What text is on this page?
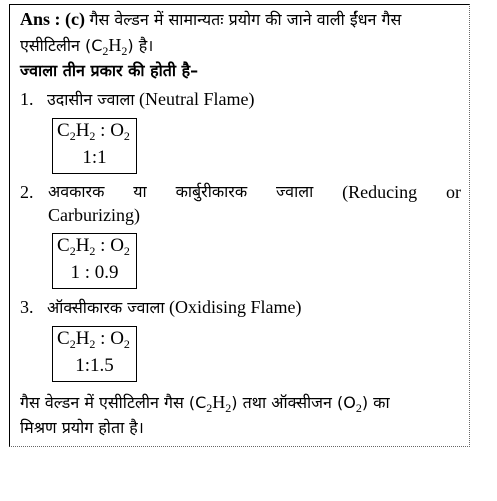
Ans : (c) गैस वेल्डन में सामान्यतः प्रयोग की जाने वाली ईंधन गैस
एसीटिलीन $(C_2H_2)$ है।
ज्वाला तीन प्रकार की होती है–
1. उदासीन ज्वाला (Neutral Flame)
$C_2H_2$ : $O_2$
1:1
2. अवकारक या कार्बुरीकारक ज्वाला (Reducing or
Carburizing)
$C_2H_2$ : $O_2$
1 : 0.9
3. ऑक्सीकारक ज्वाला (Oxidising Flame)
$C_2H_2$ : $O_2$
1:1.5
गैस वेल्डन में एसीटिलीन गैस $(C_2H_2)$ तथा ऑक्सीजन $(O_2)$ का
मिश्रण प्रयोग होता है।
